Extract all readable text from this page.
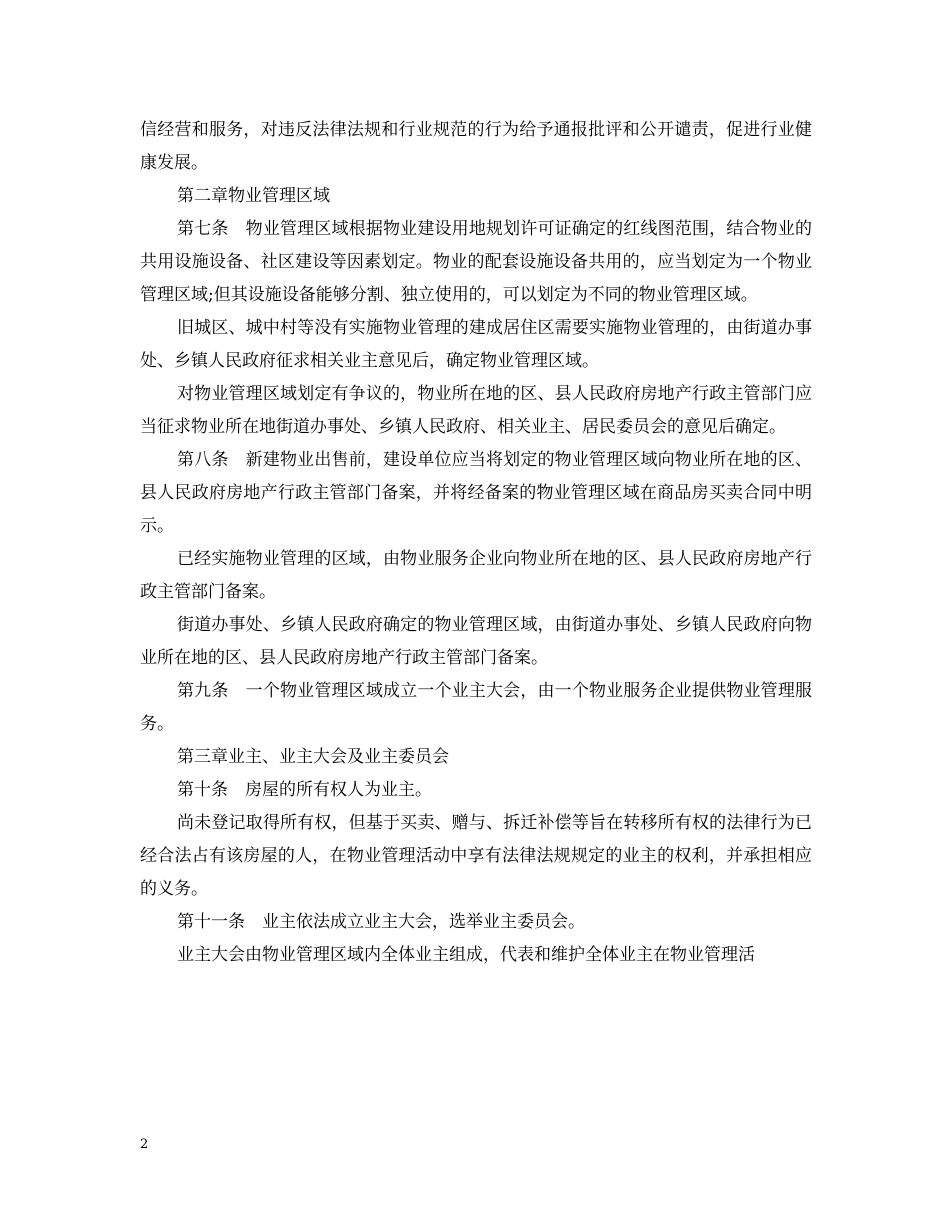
信经营和服务，对违反法律法规和行业规范的行为给予通报批评和公开谴责，促进行业健康发展。

第二章物业管理区域

第七条　物业管理区域根据物业建设用地规划许可证确定的红线图范围，结合物业的共用设施设备、社区建设等因素划定。物业的配套设施设备共用的，应当划定为一个物业管理区域;但其设施设备能够分割、独立使用的，可以划定为不同的物业管理区域。

旧城区、城中村等没有实施物业管理的建成居住区需要实施物业管理的，由街道办事处、乡镇人民政府征求相关业主意见后，确定物业管理区域。

对物业管理区域划定有争议的，物业所在地的区、县人民政府房地产行政主管部门应当征求物业所在地街道办事处、乡镇人民政府、相关业主、居民委员会的意见后确定。

第八条　新建物业出售前，建设单位应当将划定的物业管理区域向物业所在地的区、县人民政府房地产行政主管部门备案，并将经备案的物业管理区域在商品房买卖合同中明示。

已经实施物业管理的区域，由物业服务企业向物业所在地的区、县人民政府房地产行政主管部门备案。

街道办事处、乡镇人民政府确定的物业管理区域，由街道办事处、乡镇人民政府向物业所在地的区、县人民政府房地产行政主管部门备案。

第九条　一个物业管理区域成立一个业主大会，由一个物业服务企业提供物业管理服务。

第三章业主、业主大会及业主委员会

第十条　房屋的所有权人为业主。

尚未登记取得所有权，但基于买卖、赠与、拆迁补偿等旨在转移所有权的法律行为已经合法占有该房屋的人，在物业管理活动中享有法律法规规定的业主的权利，并承担相应的义务。

第十一条　业主依法成立业主大会，选举业主委员会。

业主大会由物业管理区域内全体业主组成，代表和维护全体业主在物业管理活

2
